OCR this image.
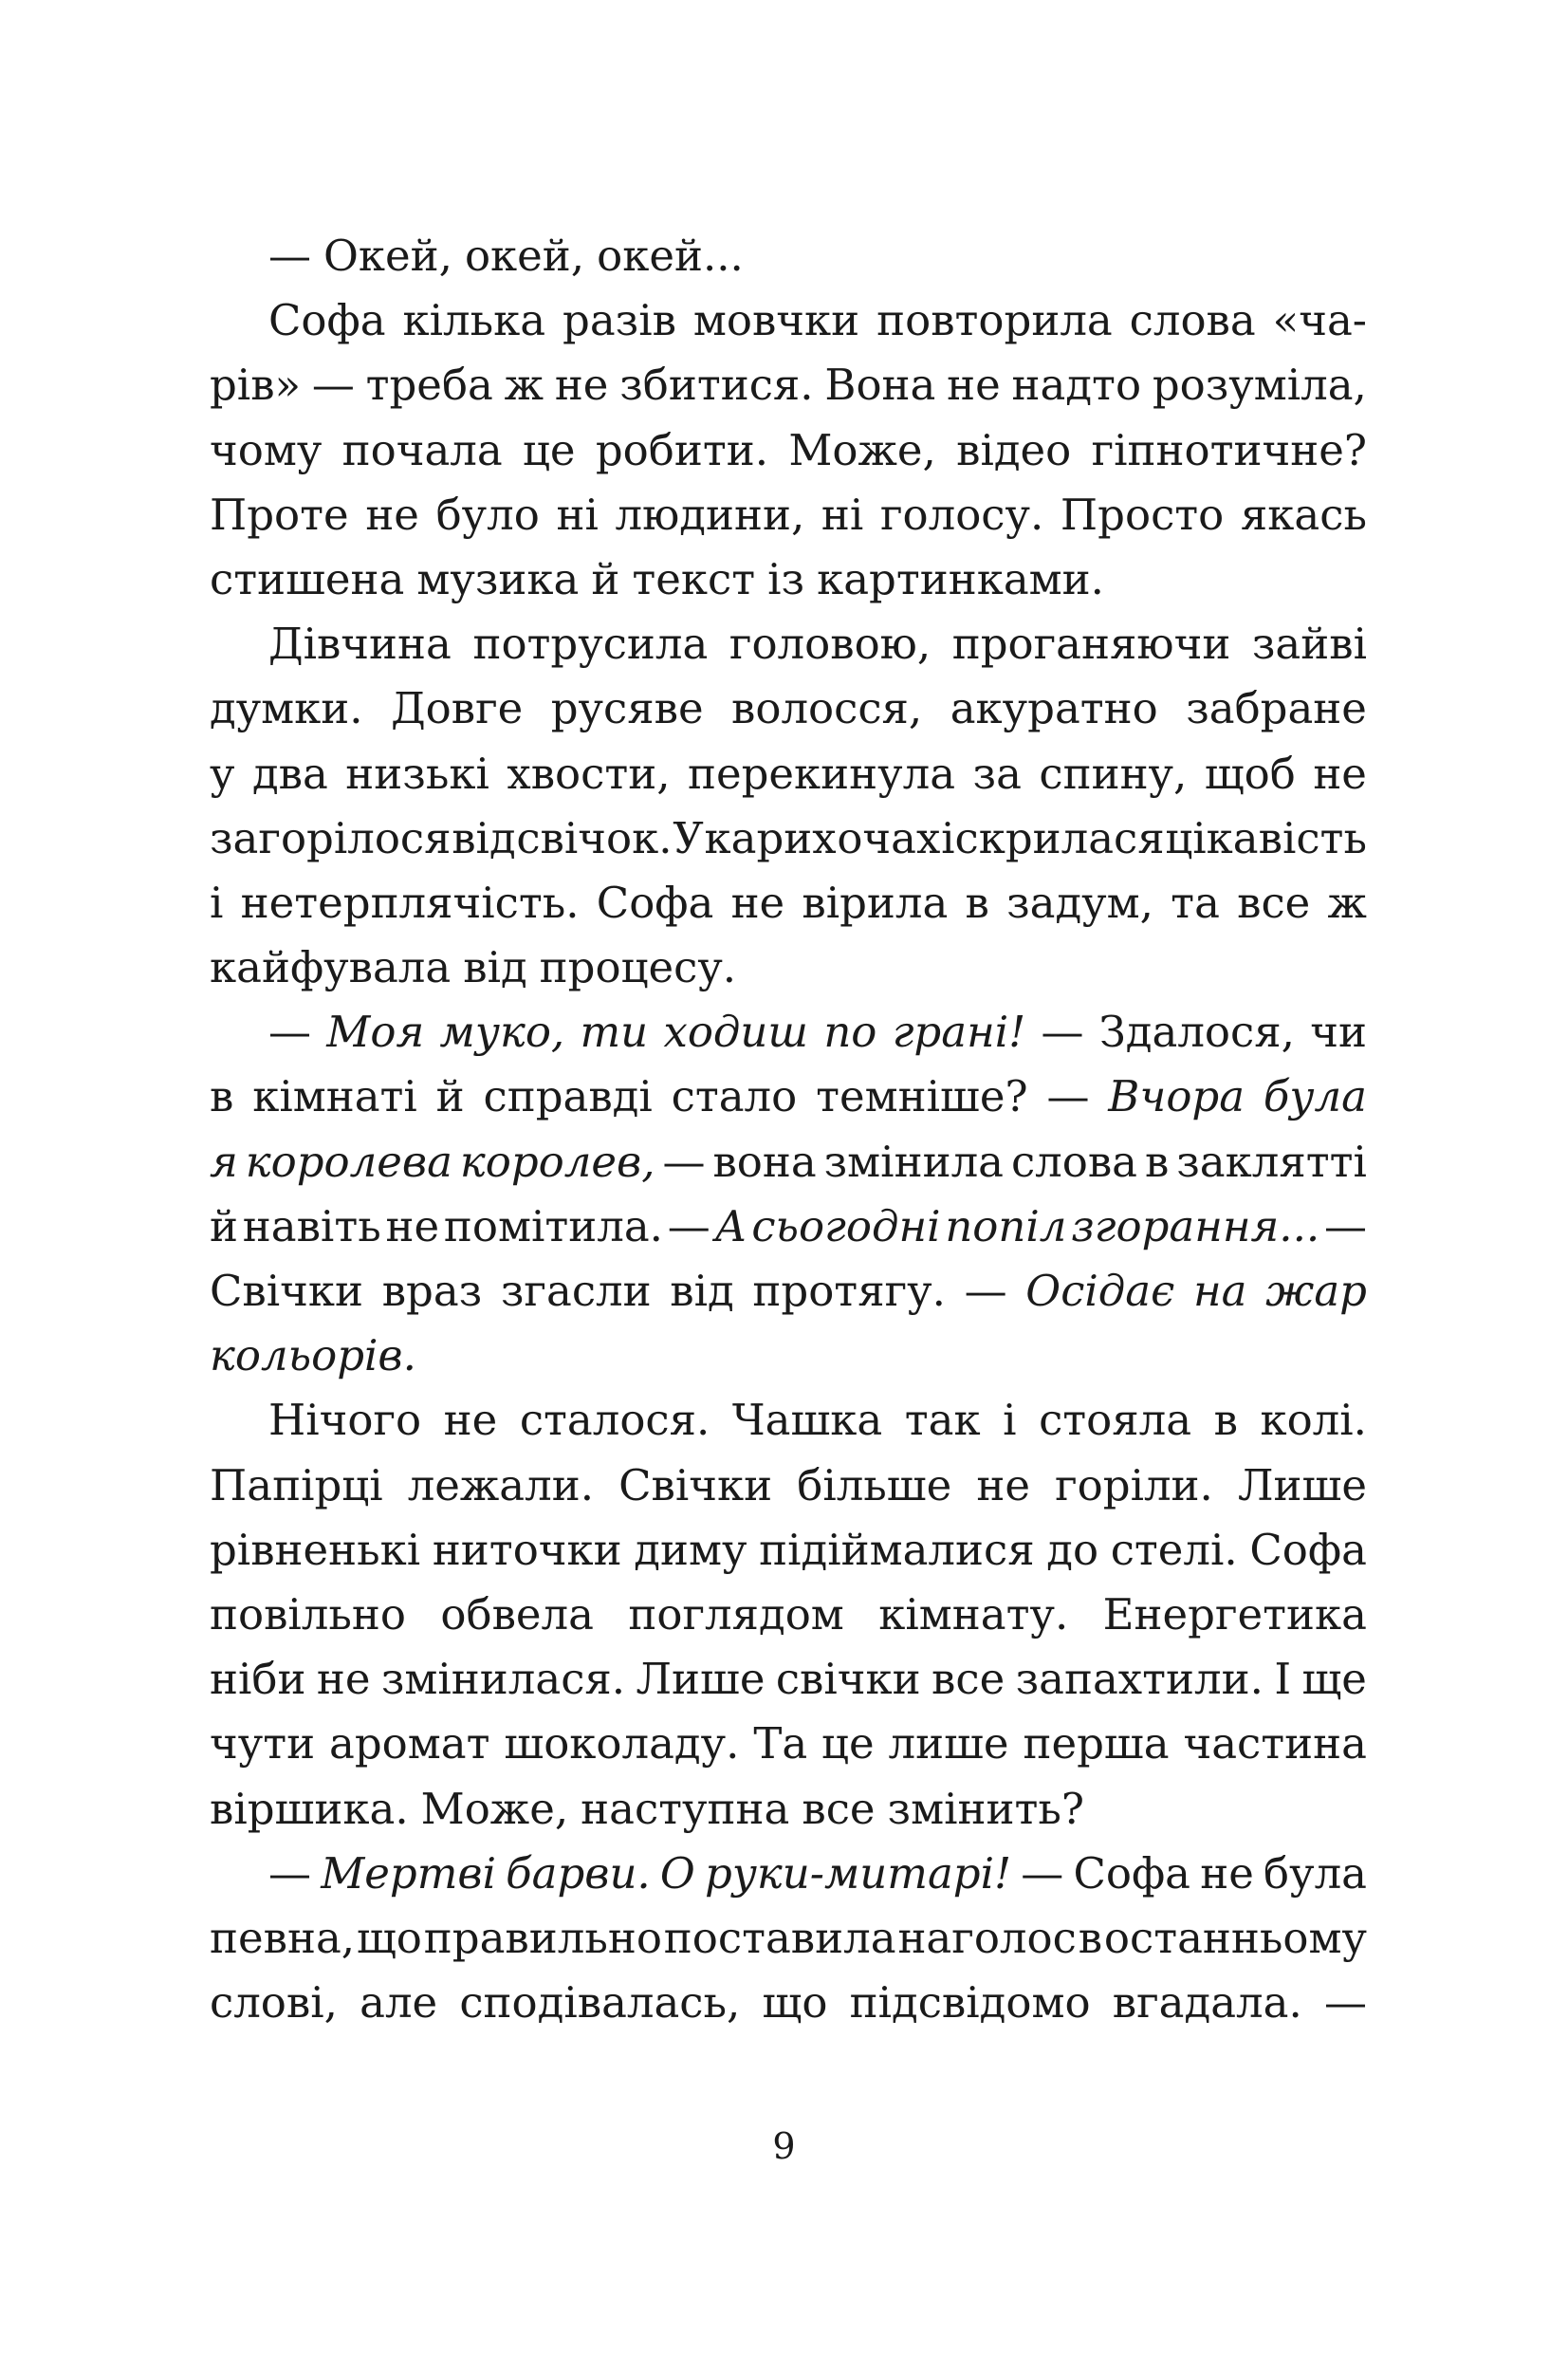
— Окей, окей, окей...
Софа кілька разів мовчки повторила слова «ча-
рів» — треба ж не збитися. Вона не надто розуміла,
чому почала це робити. Може, відео гіпнотичне?
Проте не було ні людини, ні голосу. Просто якась
стишена музика й текст із картинками.
Дівчина потрусила головою, проганяючи зайві
думки. Довге русяве волосся, акуратно забране
у два низькі хвости, перекинула за спину, щоб не
загорілося від свічок. У карих очах іскрилася цікавість
і нетерплячість. Софа не вірила в задум, та все ж
кайфувала від процесу.
— Моя муко, ти ходиш по грані! — Здалося, чи
в кімнаті й справді стало темніше? — Вчора була
я королева королев, — вона змінила слова в заклятті
й навіть не помітила. — А сьогодні попіл згорання... —
Свічки враз згасли від протягу. — Осідає на жар
кольорів.
Нічого не сталося. Чашка так і стояла в колі.
Папірці лежали. Свічки більше не горіли. Лише
рівненькі ниточки диму підіймалися до стелі. Софа
повільно обвела поглядом кімнату. Енергетика
ніби не змінилася. Лише свічки все запахтили. І ще
чути аромат шоколаду. Та це лише перша частина
віршика. Може, наступна все змінить?
— Мертві барви. О руки-митарі! — Софа не була
певна, що правильно поставила наголос в останньому
слові, але сподівалась, що підсвідомо вгадала. —
9
